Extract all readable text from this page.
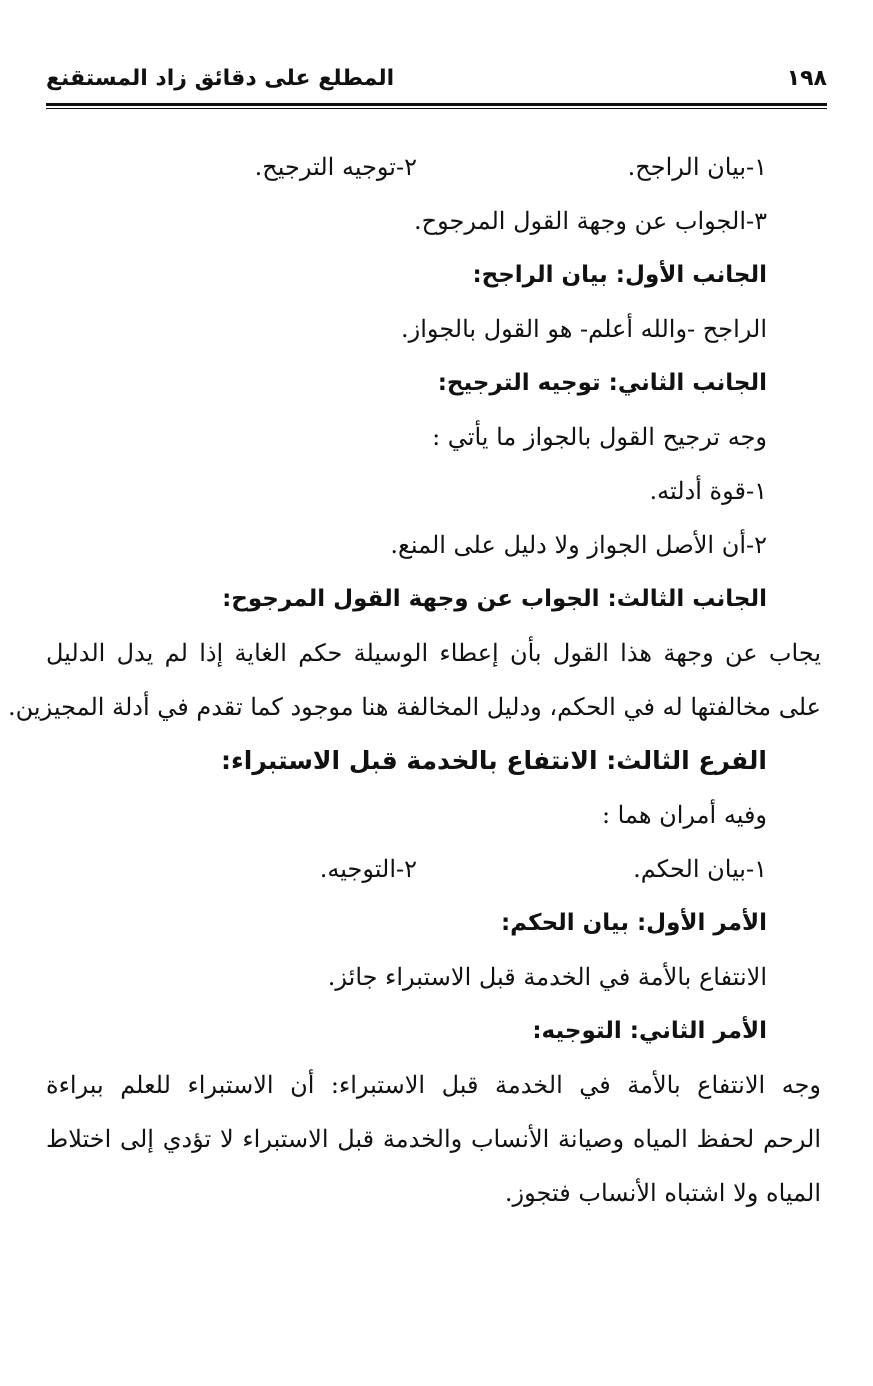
١٩٨
المطلع على دقائق زاد المستقنع
١-بيان الراجح.
٢-توجيه الترجيح.
٣-الجواب عن وجهة القول المرجوح.
الجانب الأول: بيان الراجح:
الراجح -والله أعلم- هو القول بالجواز.
الجانب الثاني: توجيه الترجيح:
وجه ترجيح القول بالجواز ما يأتي :
١-قوة أدلته.
٢-أن الأصل الجواز ولا دليل على المنع.
الجانب الثالث: الجواب عن وجهة القول المرجوح:
يجاب عن وجهة هذا القول بأن إعطاء الوسيلة حكم الغاية إذا لم يدل الدليل
على مخالفتها له في الحكم، ودليل المخالفة هنا موجود كما تقدم في أدلة المجيزين.
الفرع الثالث: الانتفاع بالخدمة قبل الاستبراء:
وفيه أمران هما :
١-بيان الحكم.
٢-التوجيه.
الأمر الأول: بيان الحكم:
الانتفاع بالأمة في الخدمة قبل الاستبراء جائز.
الأمر الثاني: التوجيه:
وجه الانتفاع بالأمة في الخدمة قبل الاستبراء: أن الاستبراء للعلم ببراءة
الرحم لحفظ المياه وصيانة الأنساب والخدمة قبل الاستبراء لا تؤدي إلى اختلاط
المياه ولا اشتباه الأنساب فتجوز.
